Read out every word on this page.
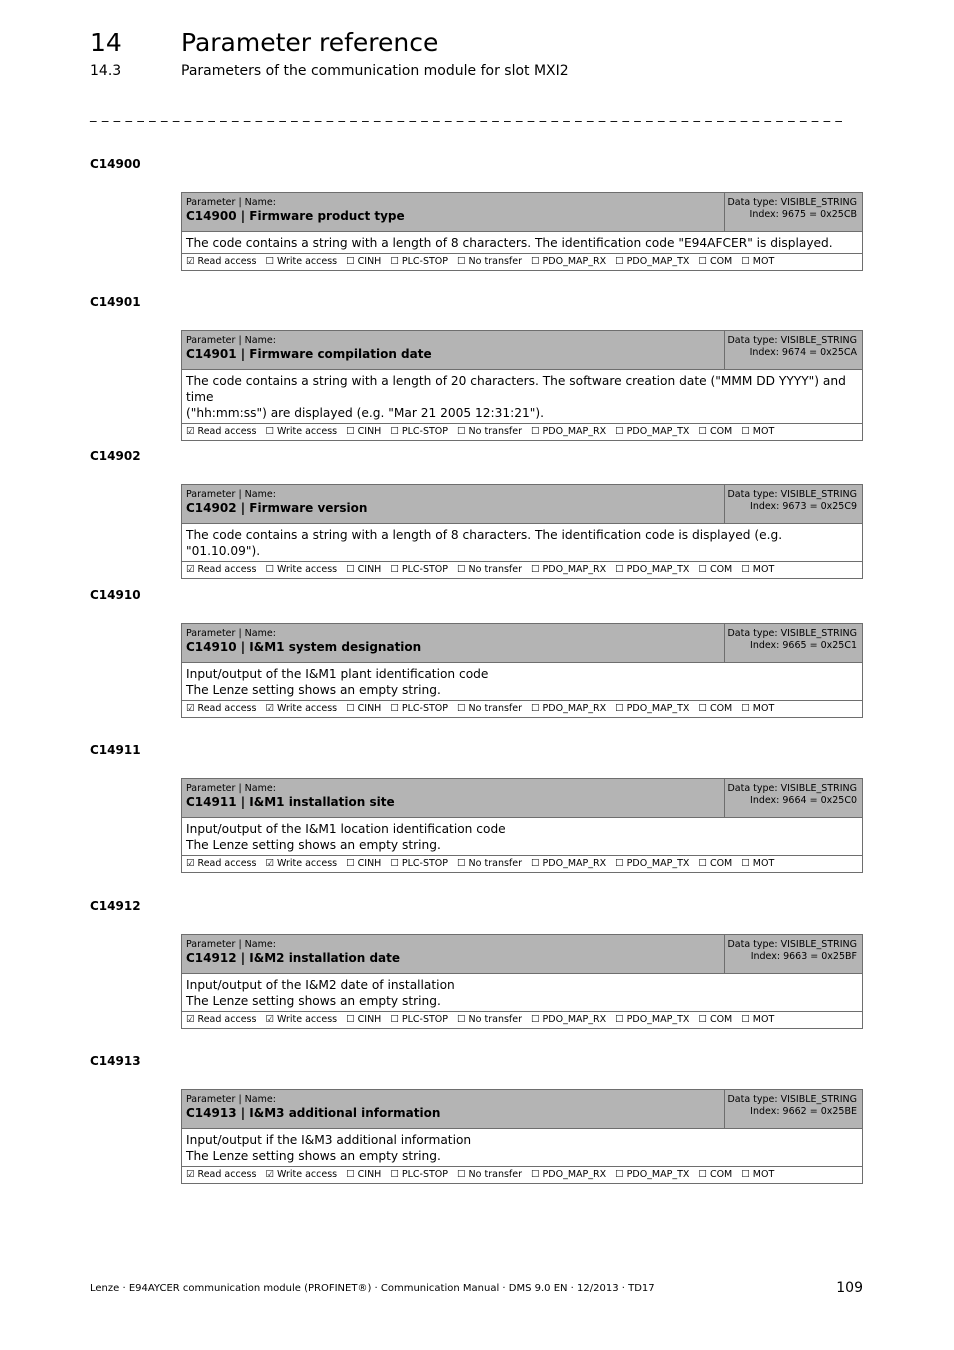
14 Parameter reference
14.3	Parameters of the communication module for slot MXI2
_ _ _ _ _ _ _ _ _ _ _ _ _ _ _ _ _ _ _ _ _ _ _ _ _ _ _ _ _ _ _ _ _ _ _ _ _ _ _ _ _ _ _ _ _ _ _ _ _ _ _ _ _ _ _ _ _ _ _ _ _ _ _ _
C14900
Parameter | Name:
C14900 | Firmware product type
Data type: VISIBLE_STRING
Index: 9675 = 0x25CB
The code contains a string with a length of 8 characters. The identification code "E94AFCER" is displayed.
☑ Read access ☐ Write access ☐ CINH ☐ PLC-STOP ☐ No transfer ☐ PDO_MAP_RX ☐ PDO_MAP_TX ☐ COM ☐ MOT
C14901
Parameter | Name:
C14901 | Firmware compilation date
Data type: VISIBLE_STRING
Index: 9674 = 0x25CA
The code contains a string with a length of 20 characters. The software creation date ("MMM DD YYYY") and time
("hh:mm:ss") are displayed (e.g. "Mar 21 2005 12:31:21").
☑ Read access ☐ Write access ☐ CINH ☐ PLC-STOP ☐ No transfer ☐ PDO_MAP_RX ☐ PDO_MAP_TX ☐ COM ☐ MOT
C14902
Parameter | Name:
C14902 | Firmware version
Data type: VISIBLE_STRING
Index: 9673 = 0x25C9
The code contains a string with a length of 8 characters. The identification code is displayed (e.g. "01.10.09").
☑ Read access ☐ Write access ☐ CINH ☐ PLC-STOP ☐ No transfer ☐ PDO_MAP_RX ☐ PDO_MAP_TX ☐ COM ☐ MOT
C14910
Parameter | Name:
C14910 | I&M1 system designation
Data type: VISIBLE_STRING
Index: 9665 = 0x25C1
Input/output of the I&M1 plant identification code
The Lenze setting shows an empty string.
☑ Read access ☑ Write access ☐ CINH ☐ PLC-STOP ☐ No transfer ☐ PDO_MAP_RX ☐ PDO_MAP_TX ☐ COM ☐ MOT
C14911
Parameter | Name:
C14911 | I&M1 installation site
Data type: VISIBLE_STRING
Index: 9664 = 0x25C0
Input/output of the I&M1 location identification code
The Lenze setting shows an empty string.
☑ Read access ☑ Write access ☐ CINH ☐ PLC-STOP ☐ No transfer ☐ PDO_MAP_RX ☐ PDO_MAP_TX ☐ COM ☐ MOT
C14912
Parameter | Name:
C14912 | I&M2 installation date
Data type: VISIBLE_STRING
Index: 9663 = 0x25BF
Input/output of the I&M2 date of installation
The Lenze setting shows an empty string.
☑ Read access ☑ Write access ☐ CINH ☐ PLC-STOP ☐ No transfer ☐ PDO_MAP_RX ☐ PDO_MAP_TX ☐ COM ☐ MOT
C14913
Parameter | Name:
C14913 | I&M3 additional information
Data type: VISIBLE_STRING
Index: 9662 = 0x25BE
Input/output if the I&M3 additional information
The Lenze setting shows an empty string.
☑ Read access ☑ Write access ☐ CINH ☐ PLC-STOP ☐ No transfer ☐ PDO_MAP_RX ☐ PDO_MAP_TX ☐ COM ☐ MOT
Lenze · E94AYCER communication module (PROFINET®) · Communication Manual · DMS 9.0 EN · 12/2013 · TD17	109
